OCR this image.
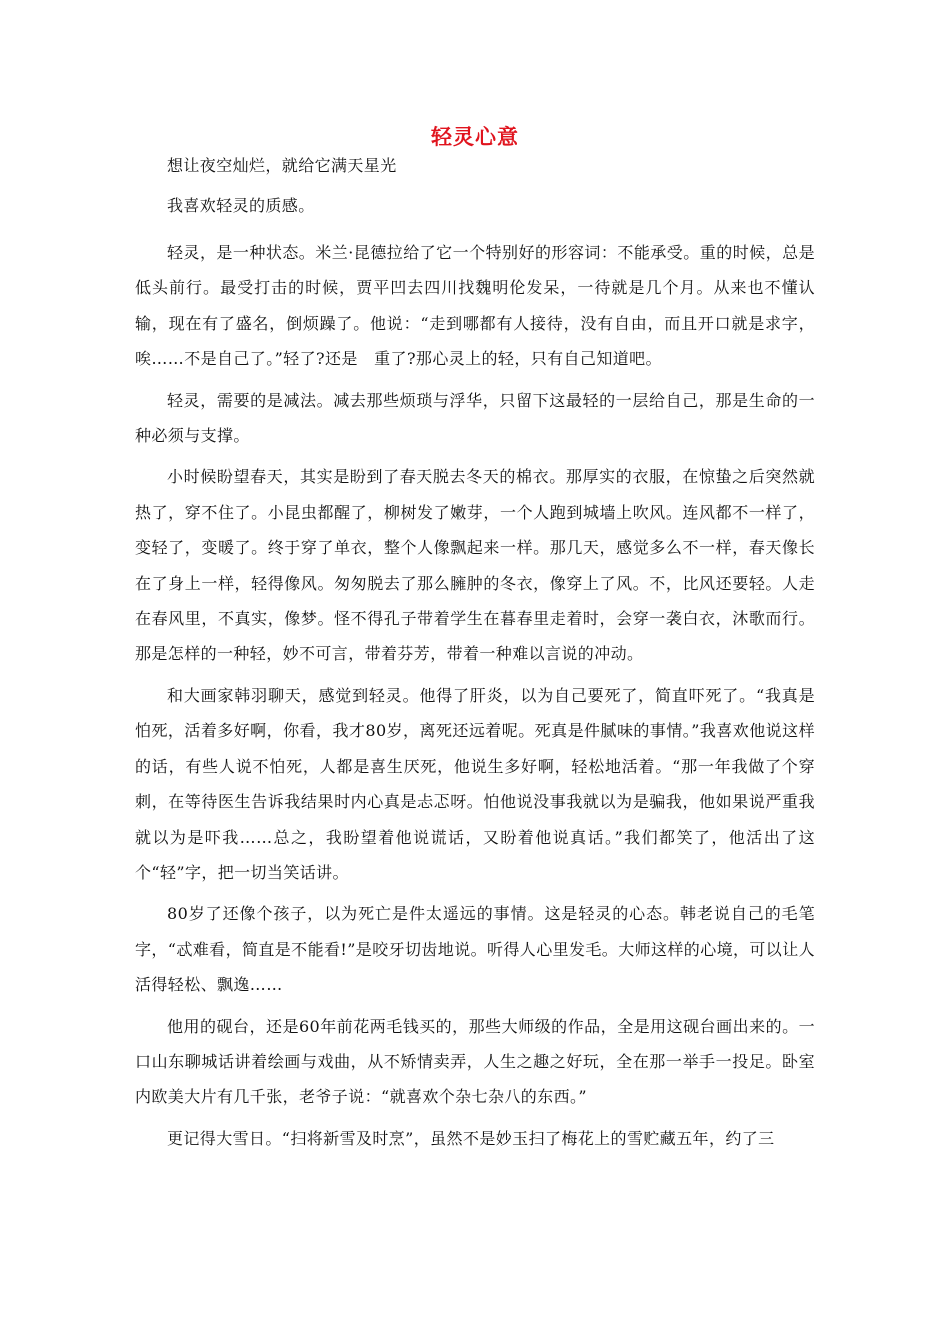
轻灵心意

想让夜空灿烂，就给它满天星光

我喜欢轻灵的质感。

轻灵，是一种状态。米兰·昆德拉给了它一个特别好的形容词：不能承受。重的时候，总是低头前行。最受打击的时候，贾平凹去四川找魏明伦发呆，一待就是几个月。从来也不懂认输，现在有了盛名，倒烦躁了。他说：“走到哪都有人接待，没有自由，而且开口就是求字，唉……不是自己了。”轻了?还是　重了?那心灵上的轻，只有自己知道吧。

轻灵，需要的是减法。减去那些烦琐与浮华，只留下这最轻的一层给自己，那是生命的一种必须与支撑。

小时候盼望春天，其实是盼到了春天脱去冬天的棉衣。那厚实的衣服，在惊蛰之后突然就热了，穿不住了。小昆虫都醒了，柳树发了嫩芽，一个人跑到城墙上吹风。连风都不一样了，变轻了，变暖了。终于穿了单衣，整个人像飘起来一样。那几天，感觉多么不一样，春天像长在了身上一样，轻得像风。匆匆脱去了那么臃肿的冬衣，像穿上了风。不，比风还要轻。人走在春风里，不真实，像梦。怪不得孔子带着学生在暮春里走着时，会穿一袭白衣，沐歌而行。那是怎样的一种轻，妙不可言，带着芬芳，带着一种难以言说的冲动。

和大画家韩羽聊天，感觉到轻灵。他得了肝炎，以为自己要死了，简直吓死了。“我真是怕死，活着多好啊，你看，我才80岁，离死还远着呢。死真是件腻味的事情。”我喜欢他说这样的话，有些人说不怕死，人都是喜生厌死，他说生多好啊，轻松地活着。“那一年我做了个穿刺，在等待医生告诉我结果时内心真是忐忑呀。怕他说没事我就以为是骗我，他如果说严重我就以为是吓我……总之，我盼望着他说谎话，又盼着他说真话。”我们都笑了，他活出了这个“轻”字，把一切当笑话讲。

80岁了还像个孩子，以为死亡是件太遥远的事情。这是轻灵的心态。韩老说自己的毛笔字，“忒难看，简直是不能看!”是咬牙切齿地说。听得人心里发毛。大师这样的心境，可以让人活得轻松、飘逸……

他用的砚台，还是60年前花两毛钱买的，那些大师级的作品，全是用这砚台画出来的。一口山东聊城话讲着绘画与戏曲，从不矫情卖弄，人生之趣之好玩，全在那一举手一投足。卧室内欧美大片有几千张，老爷子说：“就喜欢个杂七杂八的东西。”

更记得大雪日。“扫将新雪及时烹”，虽然不是妙玉扫了梅花上的雪贮藏五年，约了三
